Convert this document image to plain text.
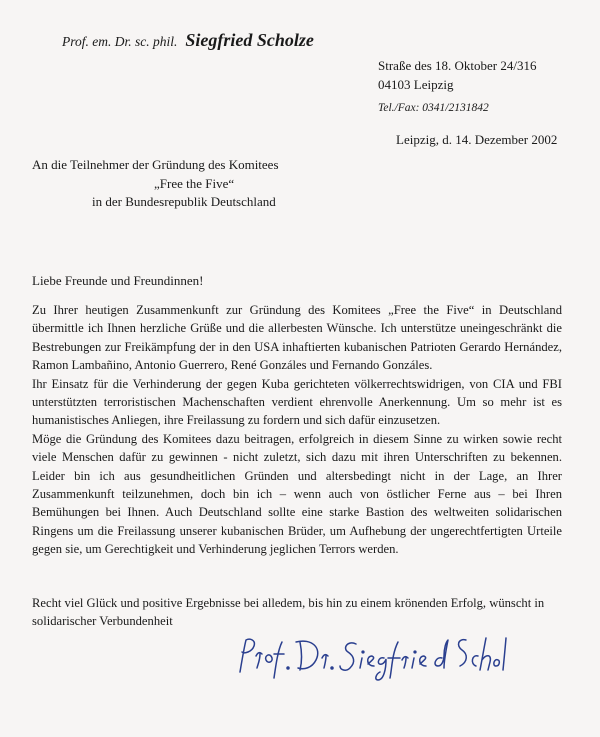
Prof. em. Dr. sc. phil. Siegfried Scholze
Straße des 18. Oktober 24/316
04103 Leipzig
Tel./Fax: 0341/2131842
Leipzig, d. 14. Dezember 2002
An die Teilnehmer der Gründung des Komitees
„Free the Five“
in der Bundesrepublik Deutschland
Liebe Freunde und Freundinnen!

Zu Ihrer heutigen Zusammenkunft zur Gründung des Komitees „Free the Five“ in Deutschland übermittle ich Ihnen herzliche Grüße und die allerbesten Wünsche. Ich unterstütze uneingeschränkt die Bestrebungen zur Freikämpfung der in den USA inhaftierten kubanischen Patrioten Gerardo Hernández, Ramon Lambañino, Antonio Guerrero, René Gonzáles und Fernando Gonzáles.

Ihr Einsatz für die Verhinderung der gegen Kuba gerichteten völkerrechtswidrigen, von CIA und FBI unterstützten terroristischen Machenschaften verdient ehrenvolle Anerkennung. Um so mehr ist es humanistisches Anliegen, ihre Freilassung zu fordern und sich dafür einzusetzen.

Möge die Gründung des Komitees dazu beitragen, erfolgreich in diesem Sinne zu wirken sowie recht viele Menschen dafür zu gewinnen - nicht zuletzt, sich dazu mit ihren Unterschriften zu bekennen. Leider bin ich aus gesundheitlichen Gründen und altersbedingt nicht in der Lage, an Ihrer Zusammenkunft teilzunehmen, doch bin ich – wenn auch von östlicher Ferne aus – bei Ihren Bemühungen bei Ihnen. Auch Deutschland sollte eine starke Bastion des weltweiten solidarischen Ringens um die Freilassung unserer kubanischen Brüder, um Aufhebung der ungerechtfertigten Urteile gegen sie, um Gerechtigkeit und Verhinderung jeglichen Terrors werden.

Recht viel Glück und positive Ergebnisse bei alledem, bis hin zu einem krönenden Erfolg, wünscht in solidarischer Verbundenheit
